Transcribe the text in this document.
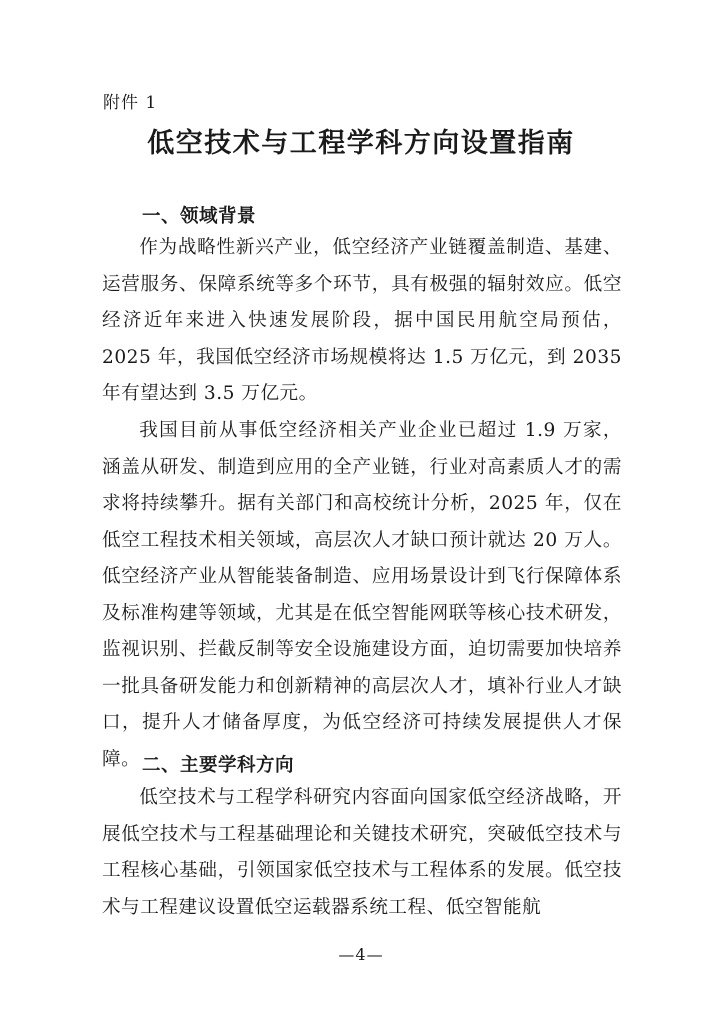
附件 1
低空技术与工程学科方向设置指南
一、领域背景

作为战略性新兴产业，低空经济产业链覆盖制造、基建、运营服务、保障系统等多个环节，具有极强的辐射效应。低空经济近年来进入快速发展阶段，据中国民用航空局预估，2025 年，我国低空经济市场规模将达 1.5 万亿元，到 2035 年有望达到 3.5 万亿元。

我国目前从事低空经济相关产业企业已超过 1.9 万家，涵盖从研发、制造到应用的全产业链，行业对高素质人才的需求将持续攀升。据有关部门和高校统计分析，2025 年，仅在低空工程技术相关领域，高层次人才缺口预计就达 20 万人。低空经济产业从智能装备制造、应用场景设计到飞行保障体系及标准构建等领域，尤其是在低空智能网联等核心技术研发，监视识别、拦截反制等安全设施建设方面，迫切需要加快培养一批具备研发能力和创新精神的高层次人才，填补行业人才缺口，提升人才储备厚度，为低空经济可持续发展提供人才保障。 二、主要学科方向

低空技术与工程学科研究内容面向国家低空经济战略，开展低空技术与工程基础理论和关键技术研究，突破低空技术与工程核心基础，引领国家低空技术与工程体系的发展。低空技术与工程建议设置低空运载器系统工程、低空智能航

—4—
